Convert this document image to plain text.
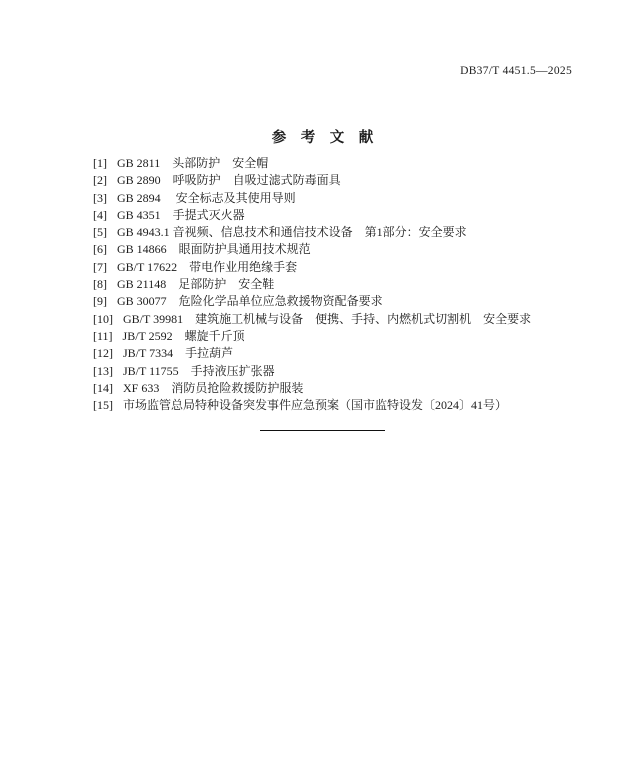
DB37/T 4451.5—2025
参　考　文　献
[1] GB 2811　头部防护　安全帽
[2] GB 2890　呼吸防护　自吸过滤式防毒面具
[3] GB 2894　 安全标志及其使用导则
[4] GB 4351　手提式灭火器
[5] GB 4943.1 音视频、信息技术和通信技术设备　第1部分：安全要求
[6] GB 14866　眼面防护具通用技术规范
[7] GB/T 17622　带电作业用绝缘手套
[8] GB 21148　足部防护　安全鞋
[9] GB 30077　危险化学品单位应急救援物资配备要求
[10] GB/T 39981　建筑施工机械与设备　便携、手持、内燃机式切割机　安全要求
[11] JB/T 2592　螺旋千斤顶
[12] JB/T 7334　手拉葫芦
[13] JB/T 11755　手持液压扩张器
[14] XF 633　消防员抢险救援防护服装
[15] 市场监管总局特种设备突发事件应急预案（国市监特设发〔2024〕41号）
